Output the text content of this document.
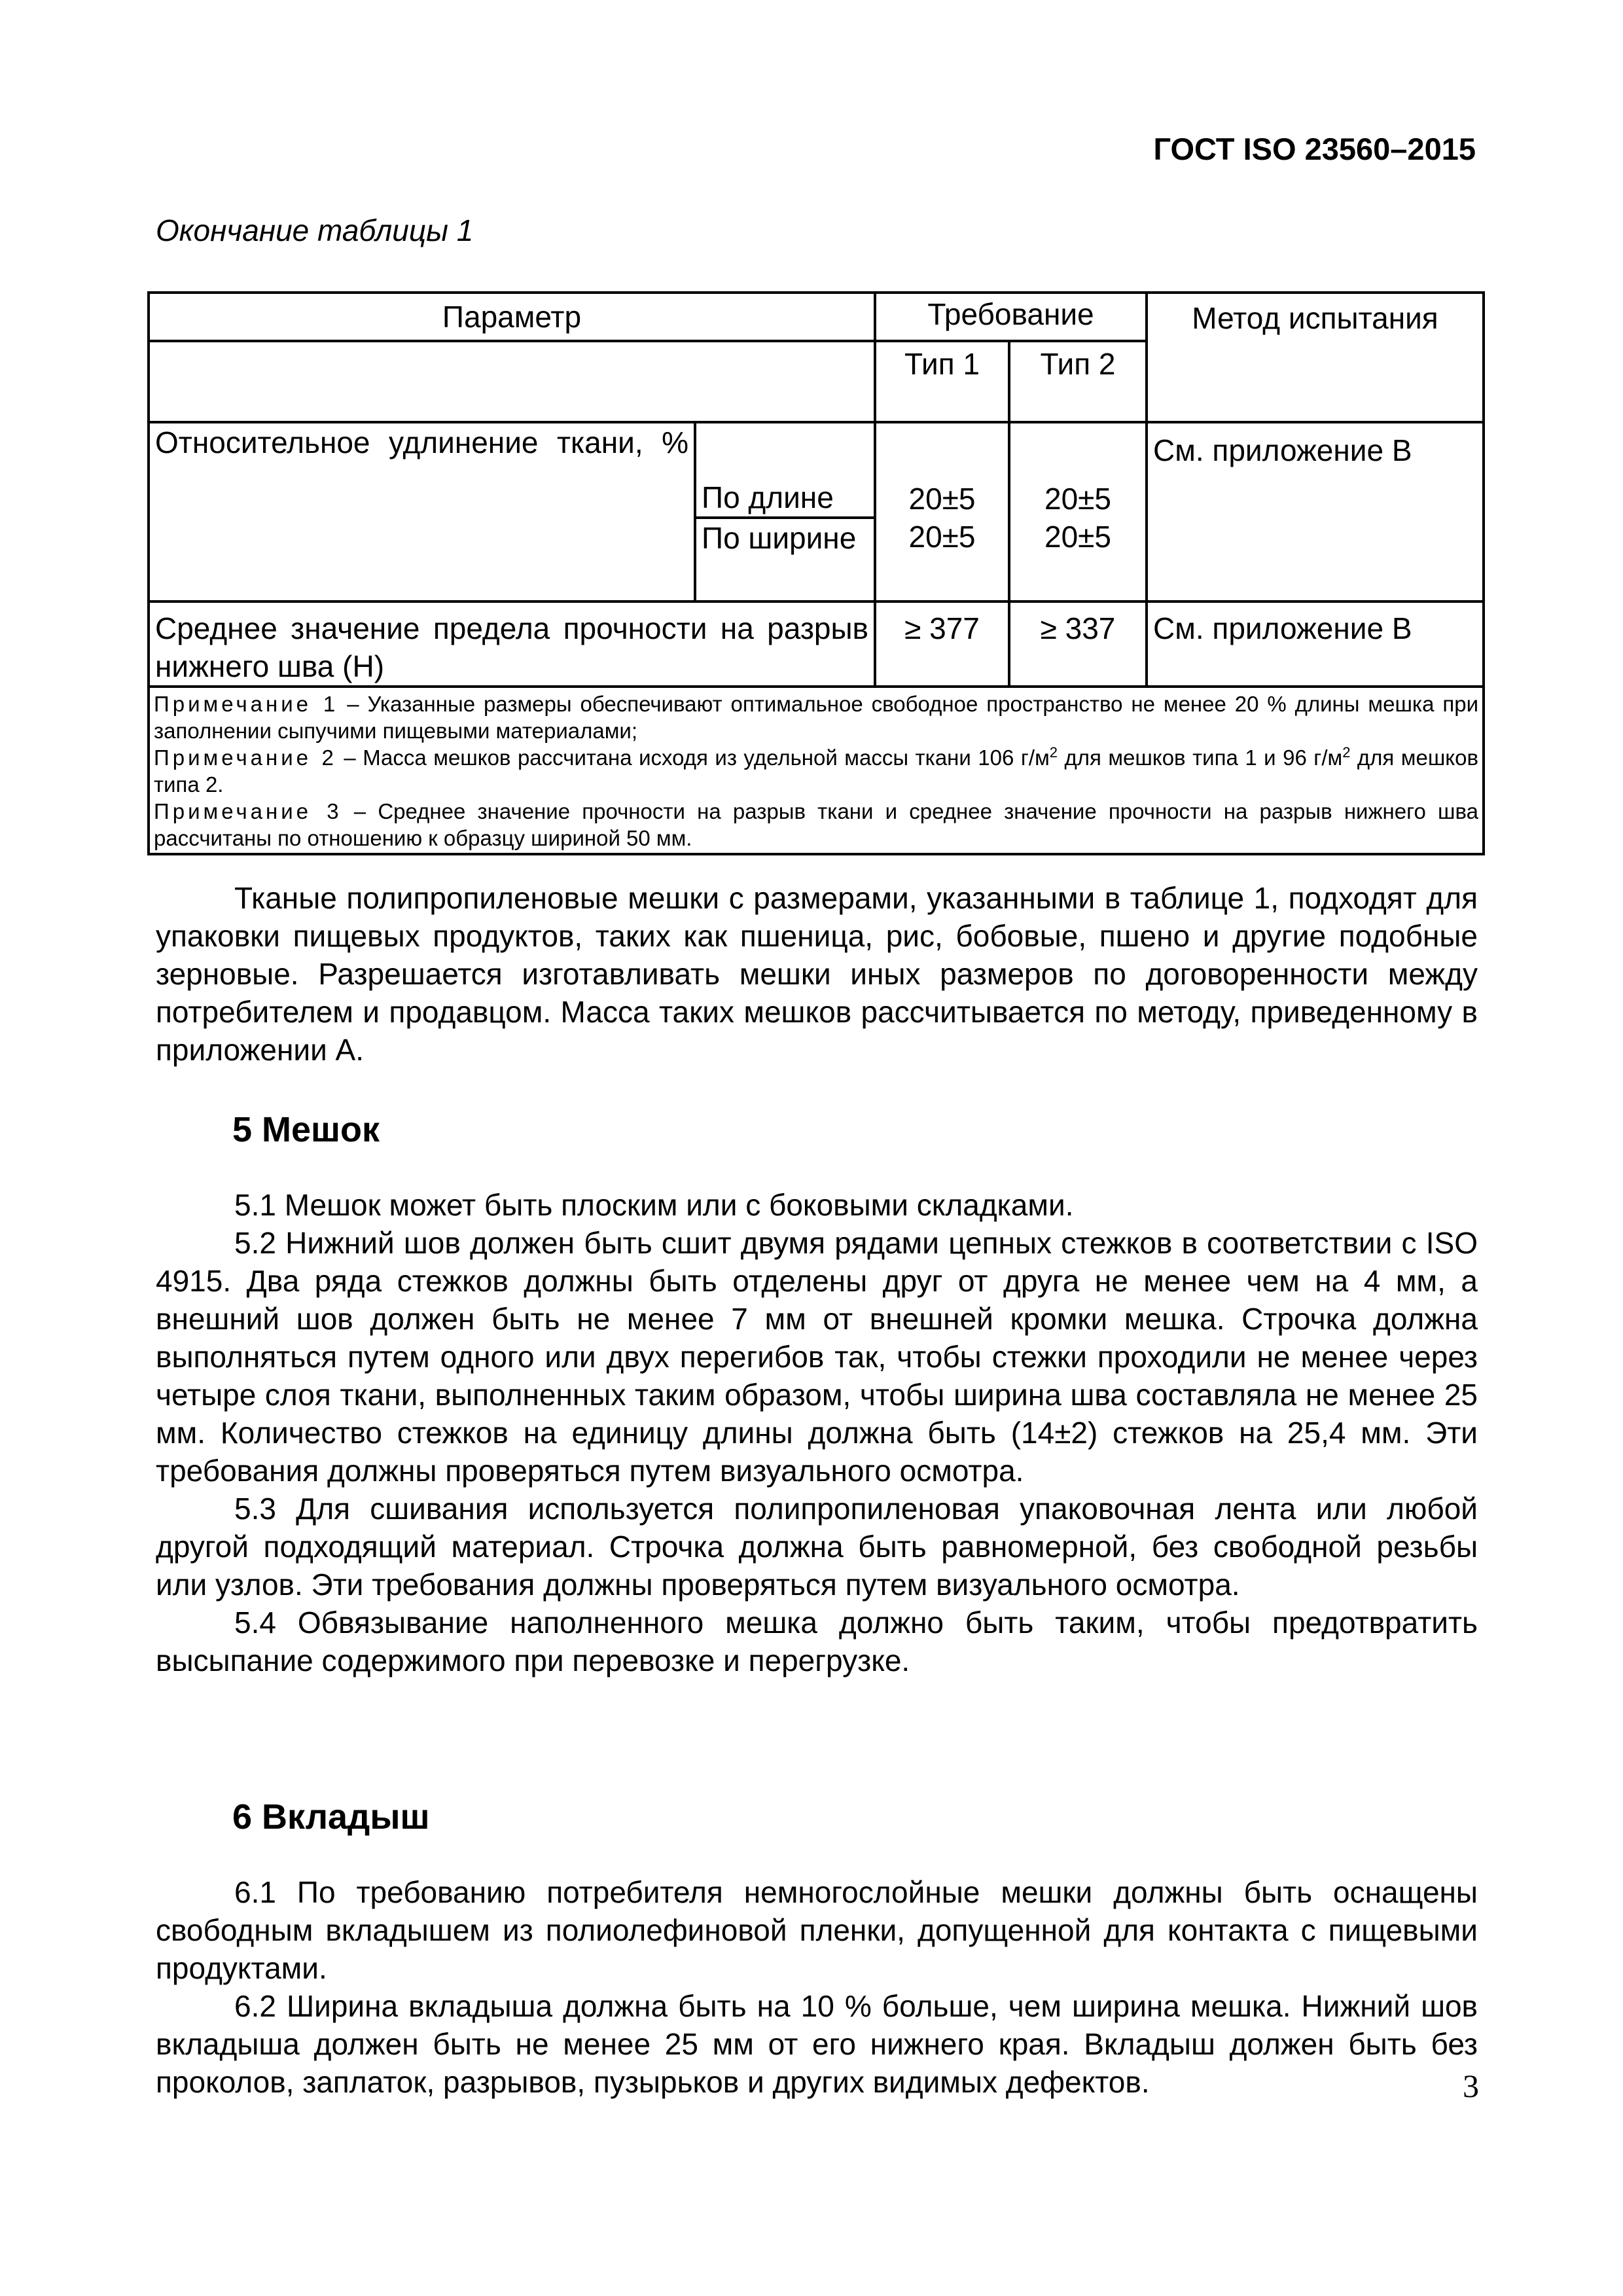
ГОСТ ISO 23560–2015
Окончание таблицы 1
Параметр		Требование		Метод испытания
		Тип 1	Тип 2	

Относительное удлинение ткани, %	По длине	20±5	20±5	См. приложение В
	По ширине	20±5	20±5	
Среднее значение предела прочности на разрыв нижнего шва (Н)		≥ 377	≥ 337	См. приложение В

Примечание 1 – Указанные размеры обеспечивают оптимальное свободное пространство не менее 20 % длины мешка при заполнении сыпучими пищевыми материалами;
Примечание 2 – Масса мешков рассчитана исходя из удельной массы ткани 106 $г/м^2$ для мешков типа 1 и 96 $г/м^2$ для мешков типа 2.
Примечание 3 – Среднее значение прочности на разрыв ткани и среднее значение прочности на разрыв нижнего шва рассчитаны по отношению к образцу шириной 50 мм.				

Тканые полипропиленовые мешки с размерами, указанными в таблице 1, подходят для упаковки пищевых продуктов, таких как пшеница, рис, бобовые, пшено и другие подобные зерновые. Разрешается изготавливать мешки иных размеров по договоренности между потребителем и продавцом. Масса таких мешков рассчитывается по методу, приведенному в приложении А.

5 Мешок

5.1 Мешок может быть плоским или с боковыми складками.

5.2 Нижний шов должен быть сшит двумя рядами цепных стежков в соответствии с ISO 4915. Два ряда стежков должны быть отделены друг от друга не менее чем на 4 мм, а внешний шов должен быть не менее 7 мм от внешней кромки мешка. Строчка должна выполняться путем одного или двух перегибов так, чтобы стежки проходили не менее через четыре слоя ткани, выполненных таким образом, чтобы ширина шва составляла не менее 25 мм. Количество стежков на единицу длины должна быть (14±2) стежков на 25,4 мм. Эти требования должны проверяться путем визуального осмотра.

5.3 Для сшивания используется полипропиленовая упаковочная лента или любой другой подходящий материал. Строчка должна быть равномерной, без свободной резьбы или узлов. Эти требования должны проверяться путем визуального осмотра.

5.4 Обвязывание наполненного мешка должно быть таким, чтобы предотвратить высыпание содержимого при перевозке и перегрузке.

6 Вкладыш

6.1 По требованию потребителя немногослойные мешки должны быть оснащены свободным вкладышем из полиолефиновой пленки, допущенной для контакта с пищевыми продуктами.

6.2 Ширина вкладыша должна быть на 10 % больше, чем ширина мешка. Нижний шов вкладыша должен быть не менее 25 мм от его нижнего края. Вкладыш должен быть без проколов, заплаток, разрывов, пузырьков и других видимых дефектов.	3
